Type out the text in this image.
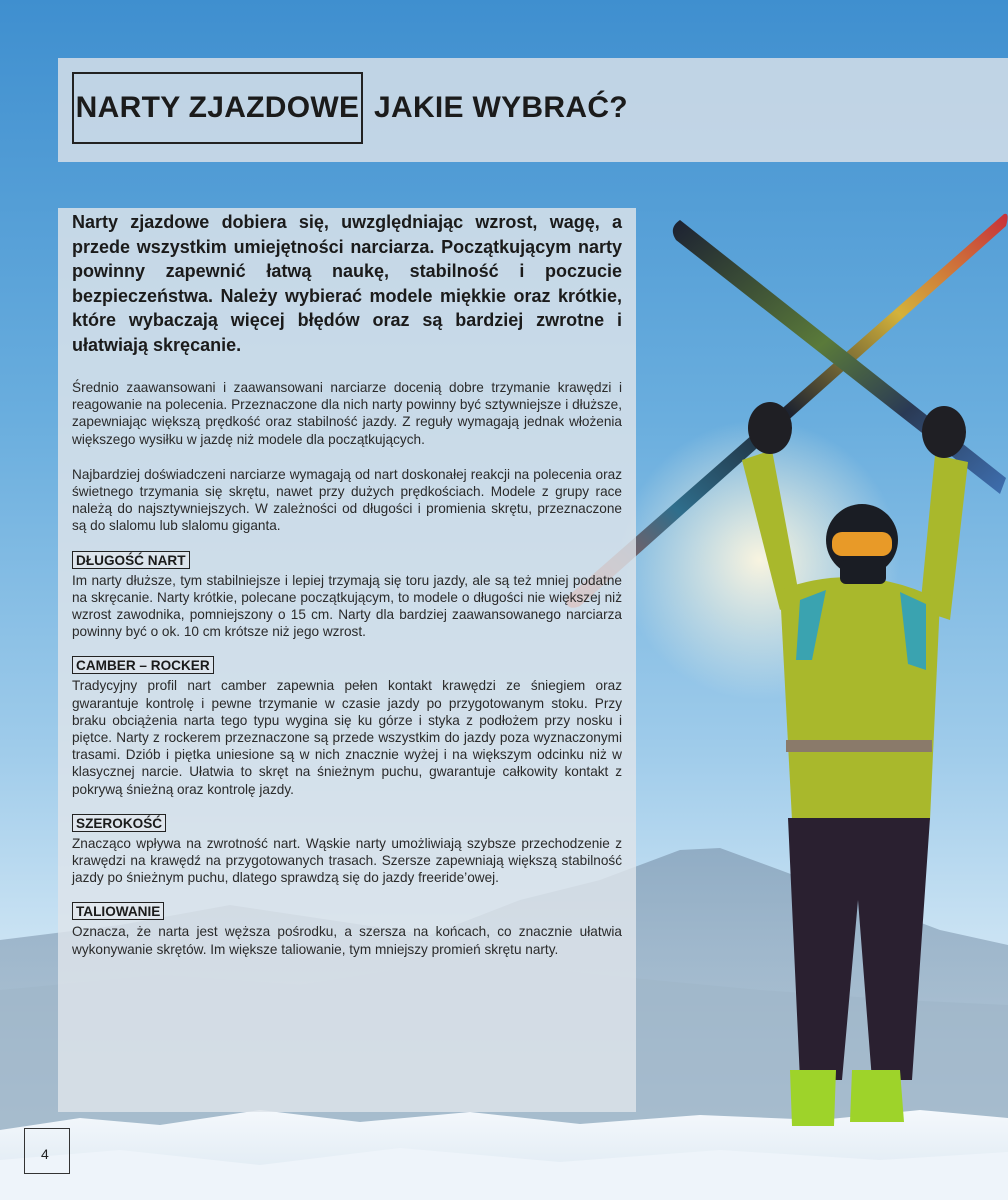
NARTY ZJAZDOWE JAKIE WYBRAĆ?

Narty zjazdowe dobiera się, uwzględniając wzrost, wagę, a przede wszystkim umiejętności narciarza. Początkującym narty powinny zapewnić łatwą naukę, stabilność i poczucie bezpieczeństwa. Należy wybierać modele miękkie oraz krótkie, które wybaczają więcej błędów oraz są bardziej zwrotne i ułatwiają skręcanie.

Średnio zaawansowani i zaawansowani narciarze docenią dobre trzymanie krawędzi i reagowanie na polecenia. Przeznaczone dla nich narty powinny być sztywniejsze i dłuższe, zapewniając większą prędkość oraz stabilność jazdy. Z reguły wymagają jednak włożenia większego wysiłku w jazdę niż modele dla początkujących.

Najbardziej doświadczeni narciarze wymagają od nart doskonałej reakcji na polecenia oraz świetnego trzymania się skrętu, nawet przy dużych prędkościach. Modele z grupy race należą do najsztywniejszych. W zależności od długości i promienia skrętu, przeznaczone są do slalomu lub slalomu giganta.

DŁUGOŚĆ NART

Im narty dłuższe, tym stabilniejsze i lepiej trzymają się toru jazdy, ale są też mniej podatne na skręcanie. Narty krótkie, polecane początkującym, to modele o długości nie większej niż wzrost zawodnika, pomniejszony o 15 cm. Narty dla bardziej zaawansowanego narciarza powinny być o ok. 10 cm krótsze niż jego wzrost.

CAMBER – ROCKER

Tradycyjny profil nart camber zapewnia pełen kontakt krawędzi ze śniegiem oraz gwarantuje kontrolę i pewne trzymanie w czasie jazdy po przygotowanym stoku. Przy braku obciążenia narta tego typu wygina się ku górze i styka z podłożem przy nosku i piętce. Narty z rockerem przeznaczone są przede wszystkim do jazdy poza wyznaczonymi trasami. Dziób i piętka uniesione są w nich znacznie wyżej i na większym odcinku niż w klasycznej narcie. Ułatwia to skręt na śnieżnym puchu, gwarantuje całkowity kontakt z pokrywą śnieżną oraz kontrolę jazdy.

SZEROKOŚĆ

Znacząco wpływa na zwrotność nart. Wąskie narty umożliwiają szybsze przechodzenie z krawędzi na krawędź na przygotowanych trasach. Szersze zapewniają większą stabilność jazdy po śnieżnym puchu, dlatego sprawdzą się do jazdy freeride’owej.

TALIOWANIE

Oznacza, że narta jest węższa pośrodku, a szersza na końcach, co znacznie ułatwia wykonywanie skrętów. Im większe taliowanie, tym mniejszy promień skrętu narty.

4
